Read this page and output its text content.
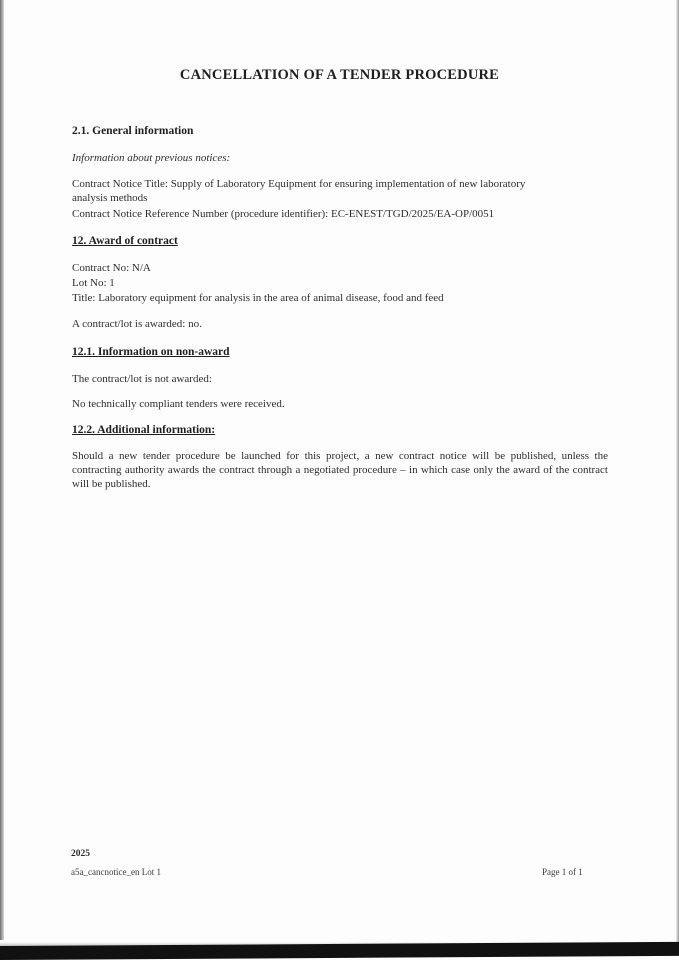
CANCELLATION OF A TENDER PROCEDURE
2.1. General information
Information about previous notices:
Contract Notice Title: Supply of Laboratory Equipment for ensuring implementation of new laboratory
analysis methods
Contract Notice Reference Number (procedure identifier): EC-ENEST/TGD/2025/EA-OP/0051
12. Award of contract
Contract No: N/A
Lot No: 1
Title: Laboratory equipment for analysis in the area of animal disease, food and feed
A contract/lot is awarded: no.
12.1. Information on non-award
The contract/lot is not awarded:
No technically compliant tenders were received.
12.2. Additional information:
Should a new tender procedure be launched for this project, a new contract notice will be published, unless the contracting authority awards the contract through a negotiated procedure – in which case only the award of the contract will be published.
2025
a5a_cancnotice_en Lot 1	Page 1 of 1
